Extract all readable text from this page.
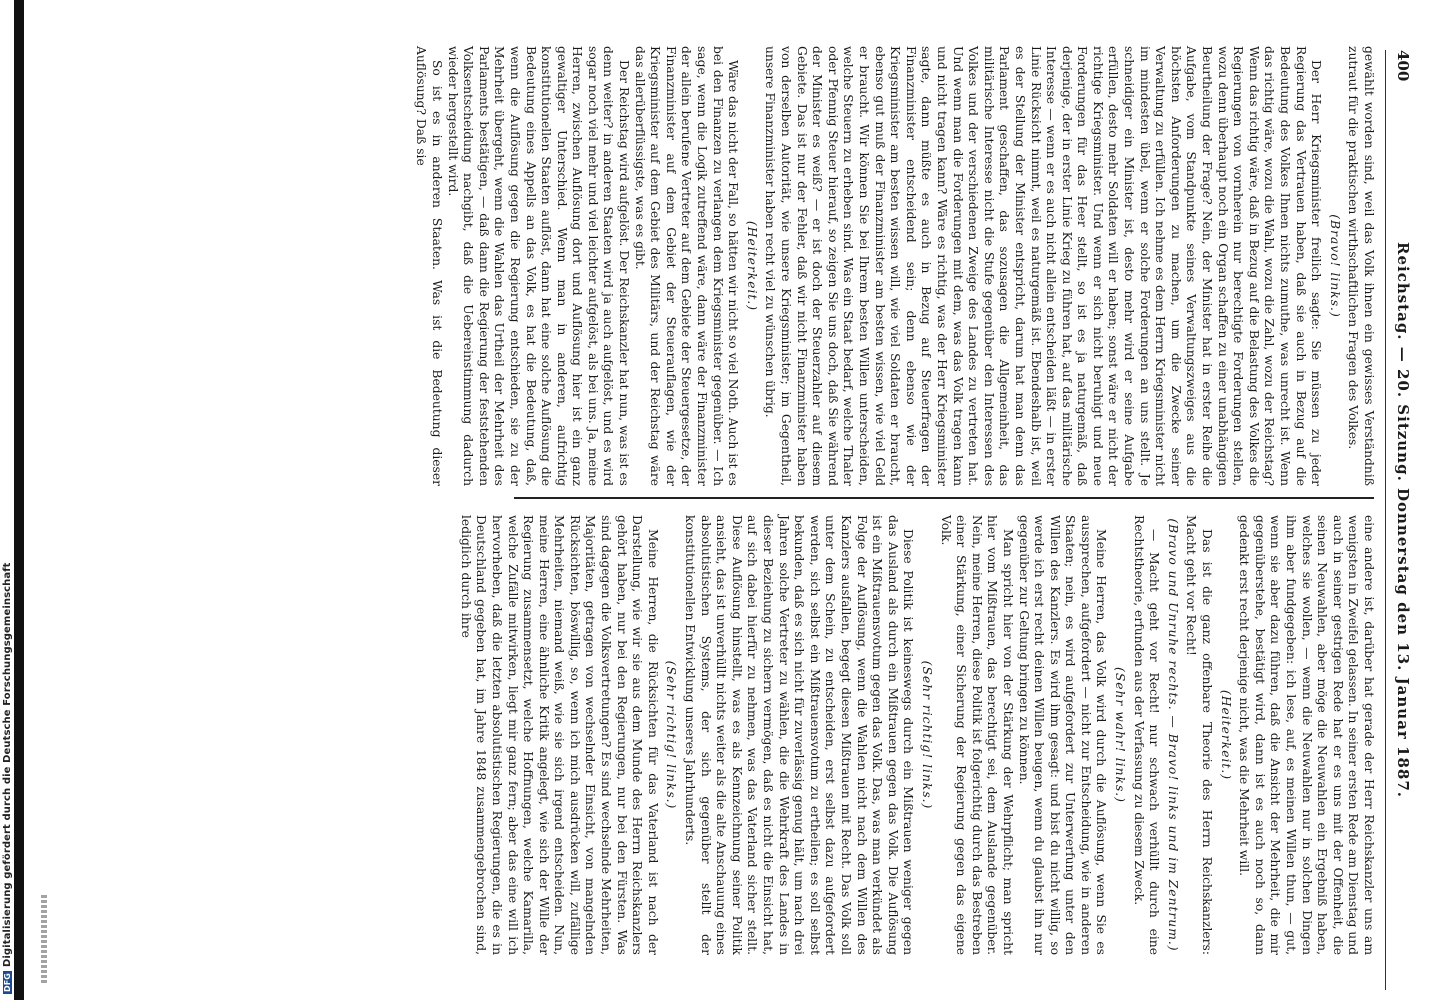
DFGDigitalisierung gefördert durch die Deutsche Forschungsgemeinschaft
400
Reichstag. — 20. Sitzung. Donnerstag den 13. Januar 1887.

gewählt worden sind, weil das Volk ihnen ein gewisses Verständniß zutraut für die praktischen wirthschaftlichen Fragen des Volkes.

(Bravo! links.)

Der Herr Kriegsminister freilich sagte: Sie müssen zu jeder Regierung das Vertrauen haben, daß sie auch in Bezug auf die Bedeutung des Volkes Ihnen nichts zumuthe, was unrecht ist. Wenn das richtig wäre, wozu die Wahl, wozu die Zahl, wozu der Reichstag? Wenn das richtig wäre, daß in Bezug auf die Belastung des Volkes die Regierungen von vornherein nur berechtigte Forderungen stellen, wozu denn überhaupt noch ein Organ schaffen zu einer unabhängigen Beurtheilung der Frage? Nein, der Minister hat in erster Reihe die Aufgabe, vom Standpunkte seines Verwaltungszweiges aus die höchsten Anforderungen zu machen, um die Zwecke seiner Verwaltung zu erfüllen. Ich nehme es dem Herrn Kriegsminister nicht im mindesten übel, wenn er solche Forderungen an uns stellt. Je schneidiger ein Minister ist, desto mehr wird er seine Aufgabe erfüllen, desto mehr Soldaten will er haben; sonst wäre er nicht der richtige Kriegsminister. Und wenn er sich nicht beruhigt und neue Forderungen für das Heer stellt, so ist es ja naturgemäß, daß derjenige, der in erster Linie Krieg zu führen hat, auf das militärische Interesse — wenn er es auch nicht allein entscheiden läßt — in erster Linie Rücksicht nimmt, weil es naturgemäß ist. Ebendeshalb ist, weil es der Stellung der Minister entspricht, darum hat man denn das Parlament geschaffen, das sozusagen die Allgemeinheit, das militärische Interesse nicht die Stufe gegenüber den Interessen des Volkes und der verschiedenen Zweige des Landes zu vertreten hat. Und wenn man die Forderungen mit dem, was das Volk tragen kann und nicht tragen kann? Wäre es richtig, was der Herr Kriegsminister sagte, dann müßte es auch in Bezug auf Steuerfragen der Finanzminister entscheidend sein; denn ebenso wie der Kriegsminister am besten wissen will, wie viel Soldaten er braucht, ebenso gut muß der Finanzminister am besten wissen, wie viel Geld er braucht. Wir können Sie bei Ihrem besten Willen unterscheiden, welche Steuern zu erheben sind. Was ein Staat bedarf, welche Thaler oder Pfennig Steuer hierauf, so zeigen Sie uns doch, daß Sie während der Minister es weiß? — er ist doch der Steuerzahler auf diesem Gebiete. Das ist nur der Fehler, daß wir nicht Finanzminister haben von derselben Autorität, wie unsere Kriegsminister; im Gegentheil, unsere Finanzminister haben recht viel zu wünschen übrig.

(Heiterkeit.)

Wäre das nicht der Fall, so hätten wir nicht so viel Noth. Auch ist es bei den Finanzen zu verlangen dem Kriegsminister gegenüber. — Ich sage, wenn die Logik zutreffend wäre, dann wäre der Finanzminister der allein berufene Vertreter auf dem Gebiete der Steuergesetze, der Finanzminister auf dem Gebiet der Steuerauflagen, wie der Kriegsminister auf dem Gebiet des Militärs, und der Reichstag wäre das allerüberflüssigste, was es gibt.

Der Reichstag wird aufgelöst. Der Reichskanzler hat nun, was ist es denn weiter? in anderen Staaten wird ja auch aufgelöst, und es wird sogar noch viel mehr und viel leichter aufgelöst, als bei uns. Ja, meine Herren, zwischen Auflösung dort und Auflösung hier ist ein ganz gewaltiger Unterschied. Wenn man in anderen, aufrichtig konstitutionellen Staaten auflöst, dann hat eine solche Auflösung die Bedeutung eines Appells an das Volk, es hat die Bedeutung, daß, wenn die Auflösung gegen die Regierung entschieden, sie zu der Mehrheit übergeht, wenn die Wahlen das Urtheil der Mehrheit des Parlaments bestätigen, — daß dann die Regierung der feststehenden Volksentscheidung nachgibt, daß die Uebereinstimmung dadurch wieder hergestellt wird.

So ist es in anderen Staaten. Was ist die Bedeutung dieser Auflösung? Daß sie

eine andere ist, darüber hat gerade der Herr Reichskanzler uns am wenigsten in Zweifel gelassen. In seiner ersten Rede am Dienstag und auch in seiner gestrigen Rede hat er es uns mit der Offenheit, die seinen Neuwahlen, aber möge die Neuwahlen ein Ergebniß haben, welches sie wollen, — wenn die Neuwahlen nur in solchen Dingen ihm aber fundgegeben: ich lese, auf, es meinen Willen thun, — gut, wenn sie aber dazu führen, daß die Ansicht der Mehrheit, die mir gegenüberstehe, bestätigt wird, dann ist es auch noch so, dann gedenkt erst recht derjenige nicht, was die Mehrheit will.

(Heiterkeit.)

Das ist die ganz offenbare Theorie des Herrn Reichskanzlers: Macht geht vor Recht!

(Bravo und Unruhe rechts. — Bravo! links und im Zentrum.)

— Macht geht vor Recht! nur schwach verhüllt durch eine Rechtstheorie, erfunden aus der Verfassung zu diesem Zweck.

(Sehr wahr! links.)

Meine Herren, das Volk wird durch die Auflösung, wenn Sie es aussprechen, aufgefordert — nicht zur Entscheidung, wie in anderen Staaten; nein, es wird aufgefordert zur Unterwerfung unter den Willen des Kanzlers. Es wird ihm gesagt: und bist du nicht willig, so werde ich erst recht deinen Willen beugen, wenn du glaubst ihn nur gegenüber zur Geltung bringen zu können.

Man spricht hier von der Stärkung der Wehrpflicht; man spricht hier vom Mißtrauen, das berechtigt sei, dem Auslande gegenüber. Nein, meine Herren, diese Politik ist folgerichtig durch das Bestreben einer Stärkung, einer Sicherung der Regierung gegen das eigene Volk.

(Sehr richtig! links.)

Diese Politik ist keineswegs durch ein Mißtrauen weniger gegen das Ausland als durch ein Mißtrauen gegen das Volk. Die Auflösung ist ein Mißtrauensvotum gegen das Volk. Das, was man verkündet als Folge der Auflösung, wenn die Wahlen nicht nach dem Willen des Kanzlers ausfallen, begegt diesen Mißtrauen mit Recht. Das Volk soll unter dem Schein, zu entscheiden, erst selbst dazu aufgefordert werden, sich selbst ein Mißtrauensvotum zu ertheilen; es soll selbst bekunden, daß es sich nicht für zuverlässig genug hält, um nach drei Jahren solche Vertreter zu wählen, die die Wehrkraft des Landes in dieser Beziehung zu sichern vermögen, daß es nicht die Einsicht hat, auf sich dabei hierfür zu nehmen, was das Vaterland sicher stellt. Diese Auflösung hinstellt, was es als Kennzeichnung seiner Politik ansieht, das ist unverhüllt nichts weiter als die alte Anschauung eines absolutistischen Systems, der sich gegenüber stellt der konstitutionellen Entwicklung unseres Jahrhunderts.

(Sehr richtig! links.)

Meine Herren, die Rücksichten für das Vaterland ist nach der Darstellung, wie wir sie aus dem Munde des Herrn Reichskanzlers gehört haben, nur bei den Regierungen, nur bei den Fürsten. Was sind dagegen die Volksvertretungen? Es sind wechselnde Mehrheiten, Majoritäten, getragen von wechselnder Einsicht, von mangelnden Rücksichten, böswillig, so, wenn ich mich ausdrücken will, zufällige Mehrheiten, niemand weiß, wie sie sich irgend entscheiden. Nun, meine Herren, eine ähnliche Kritik angelegt, wie sich der Wille der Regierung zusammensetzt, welche Hoffnungen, welche Kamarilla, welche Zufälle mitwirken, liegt mir ganz fern; aber das eine will ich hervorheben, daß die letzten absolutistischen Regierungen, die es in Deutschland gegeben hat, im Jahre 1848 zusammengebrochen sind, lediglich durch ihre
